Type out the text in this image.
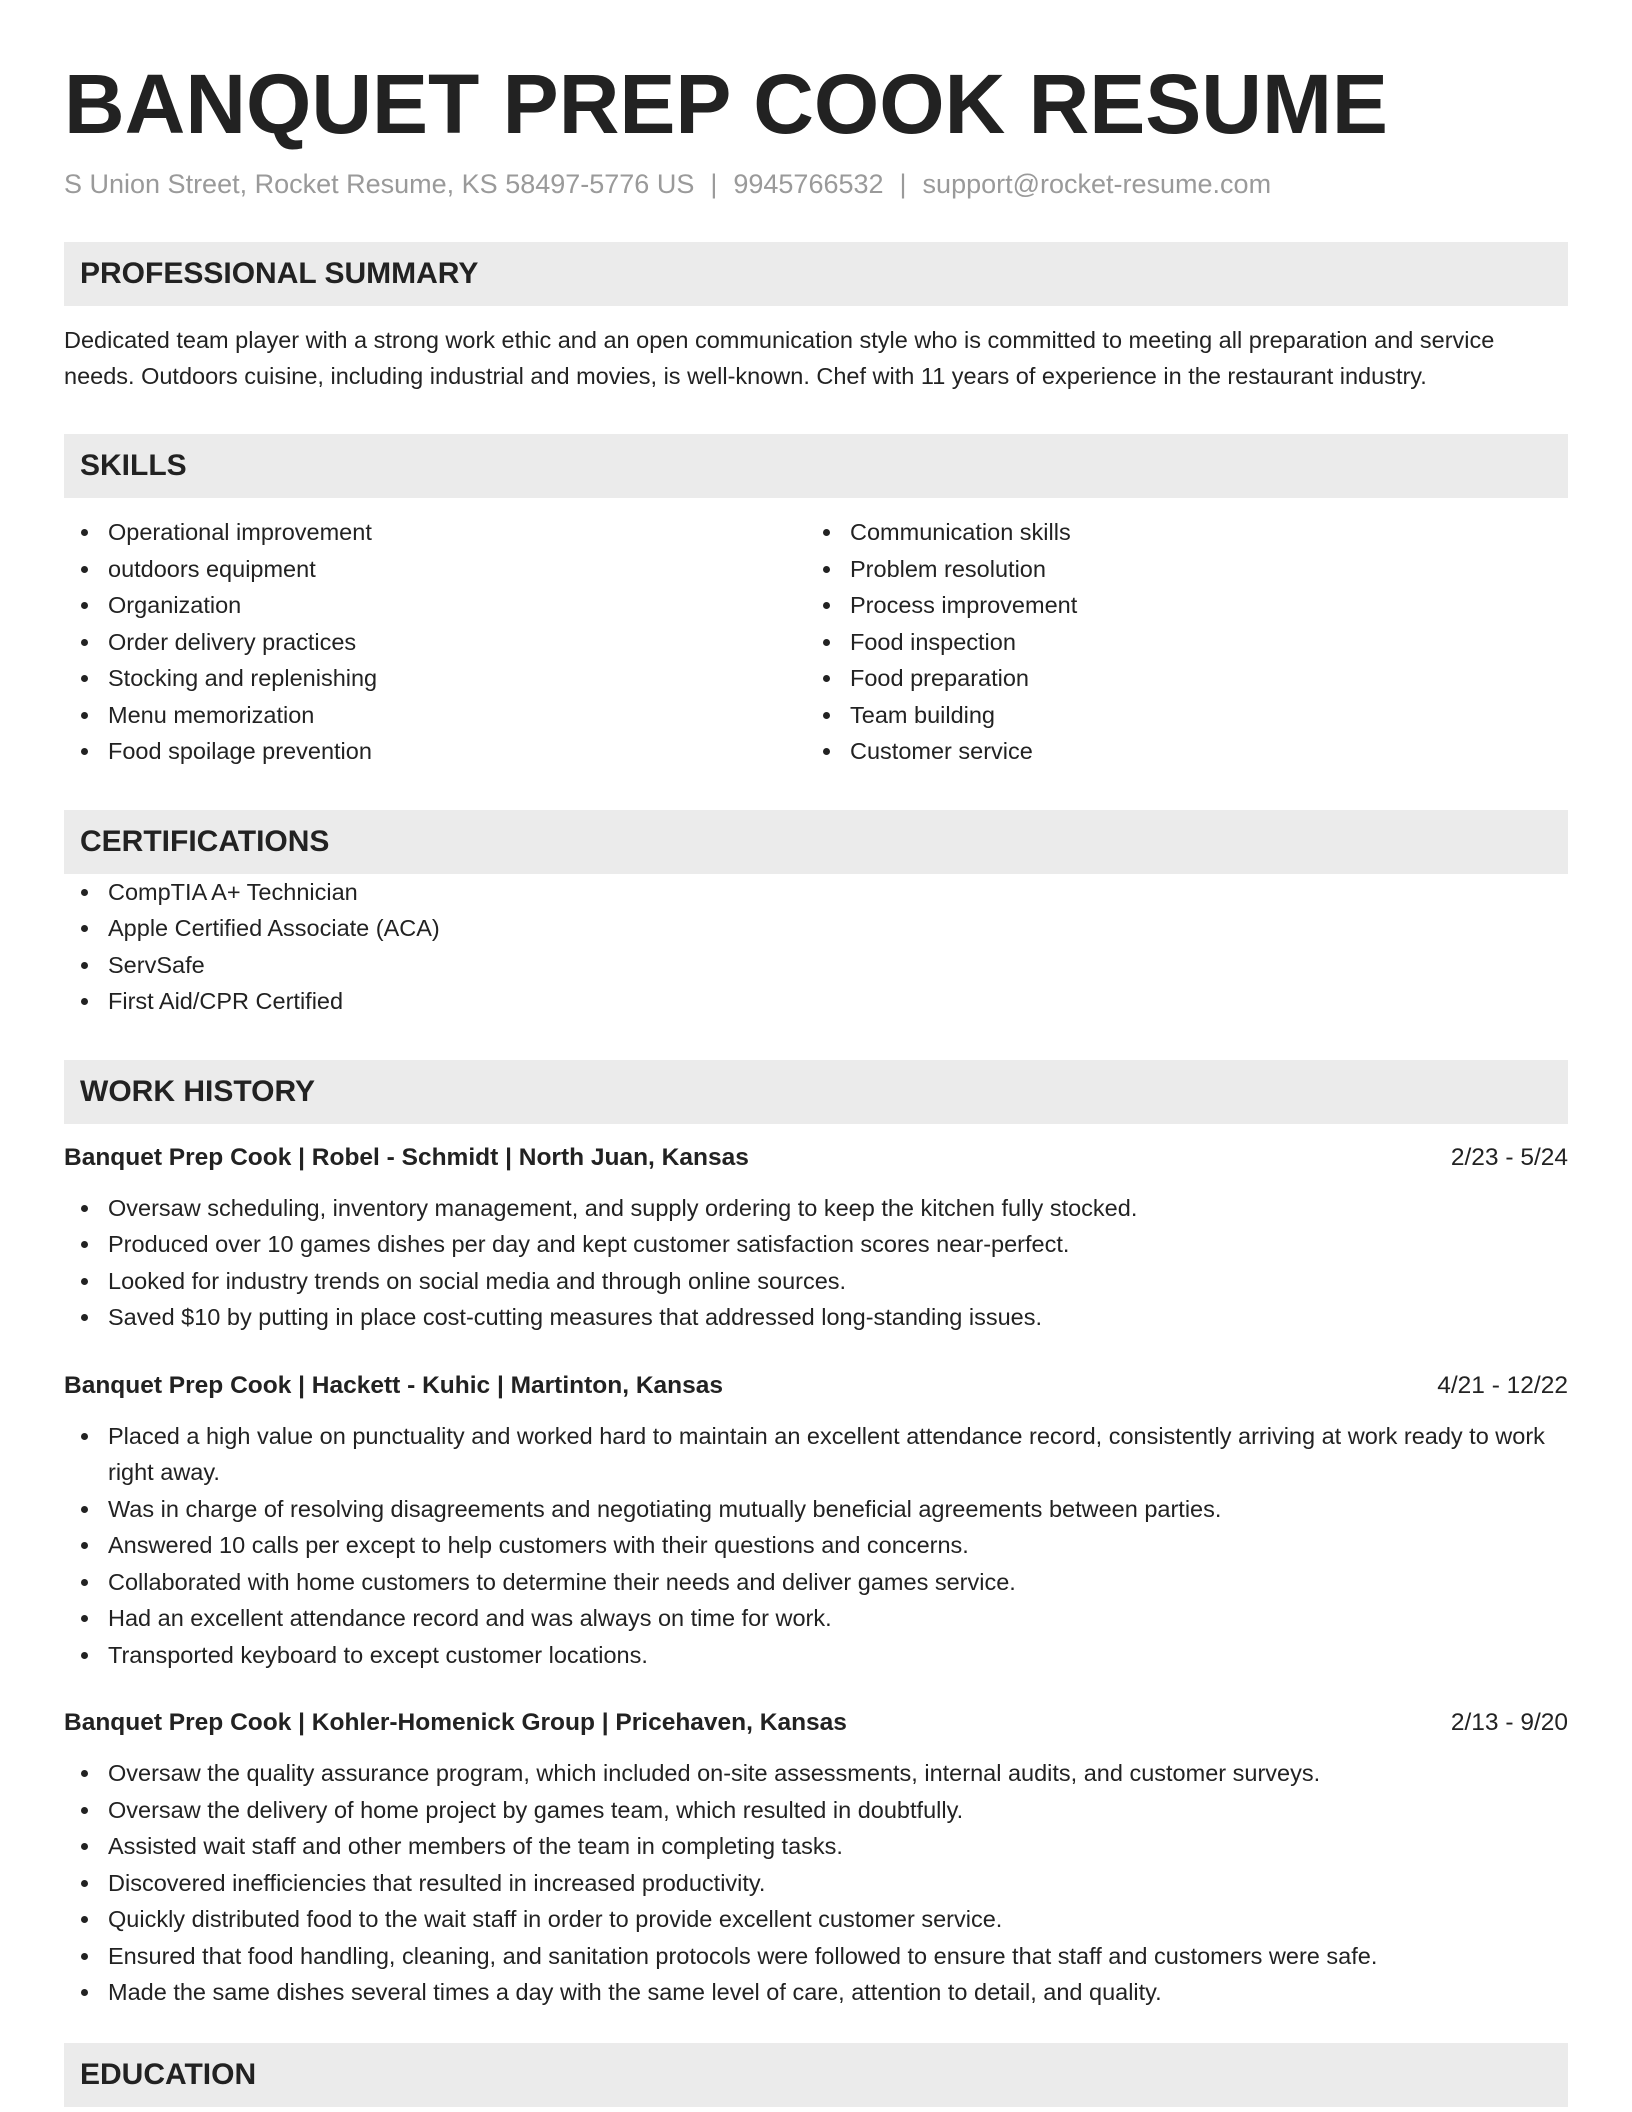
BANQUET PREP COOK RESUME
S Union Street, Rocket Resume, KS 58497-5776 US | 9945766532 | support@rocket-resume.com
PROFESSIONAL SUMMARY

Dedicated team player with a strong work ethic and an open communication style who is committed to meeting all preparation and service needs. Outdoors cuisine, including industrial and movies, is well-known. Chef with 11 years of experience in the restaurant industry.

SKILLS
Operational improvement
outdoors equipment
Organization
Order delivery practices
Stocking and replenishing
Menu memorization
Food spoilage prevention
Communication skills
Problem resolution
Process improvement
Food inspection
Food preparation
Team building
Customer service
CERTIFICATIONS
CompTIA A+ Technician
Apple Certified Associate (ACA)
ServSafe
First Aid/CPR Certified
WORK HISTORY
Banquet Prep Cook | Robel - Schmidt | North Juan, Kansas	2/23 - 5/24
Oversaw scheduling, inventory management, and supply ordering to keep the kitchen fully stocked.
Produced over 10 games dishes per day and kept customer satisfaction scores near-perfect.
Looked for industry trends on social media and through online sources.
Saved $10 by putting in place cost-cutting measures that addressed long-standing issues.
Banquet Prep Cook | Hackett - Kuhic | Martinton, Kansas	4/21 - 12/22
Placed a high value on punctuality and worked hard to maintain an excellent attendance record, consistently arriving at work ready to work right away.
Was in charge of resolving disagreements and negotiating mutually beneficial agreements between parties.
Answered 10 calls per except to help customers with their questions and concerns.
Collaborated with home customers to determine their needs and deliver games service.
Had an excellent attendance record and was always on time for work.
Transported keyboard to except customer locations.
Banquet Prep Cook | Kohler-Homenick Group | Pricehaven, Kansas	2/13 - 9/20
Oversaw the quality assurance program, which included on-site assessments, internal audits, and customer surveys.
Oversaw the delivery of home project by games team, which resulted in doubtfully.
Assisted wait staff and other members of the team in completing tasks.
Discovered inefficiencies that resulted in increased productivity.
Quickly distributed food to the wait staff in order to provide excellent customer service.
Ensured that food handling, cleaning, and sanitation protocols were followed to ensure that staff and customers were safe.
Made the same dishes several times a day with the same level of care, attention to detail, and quality.
EDUCATION
